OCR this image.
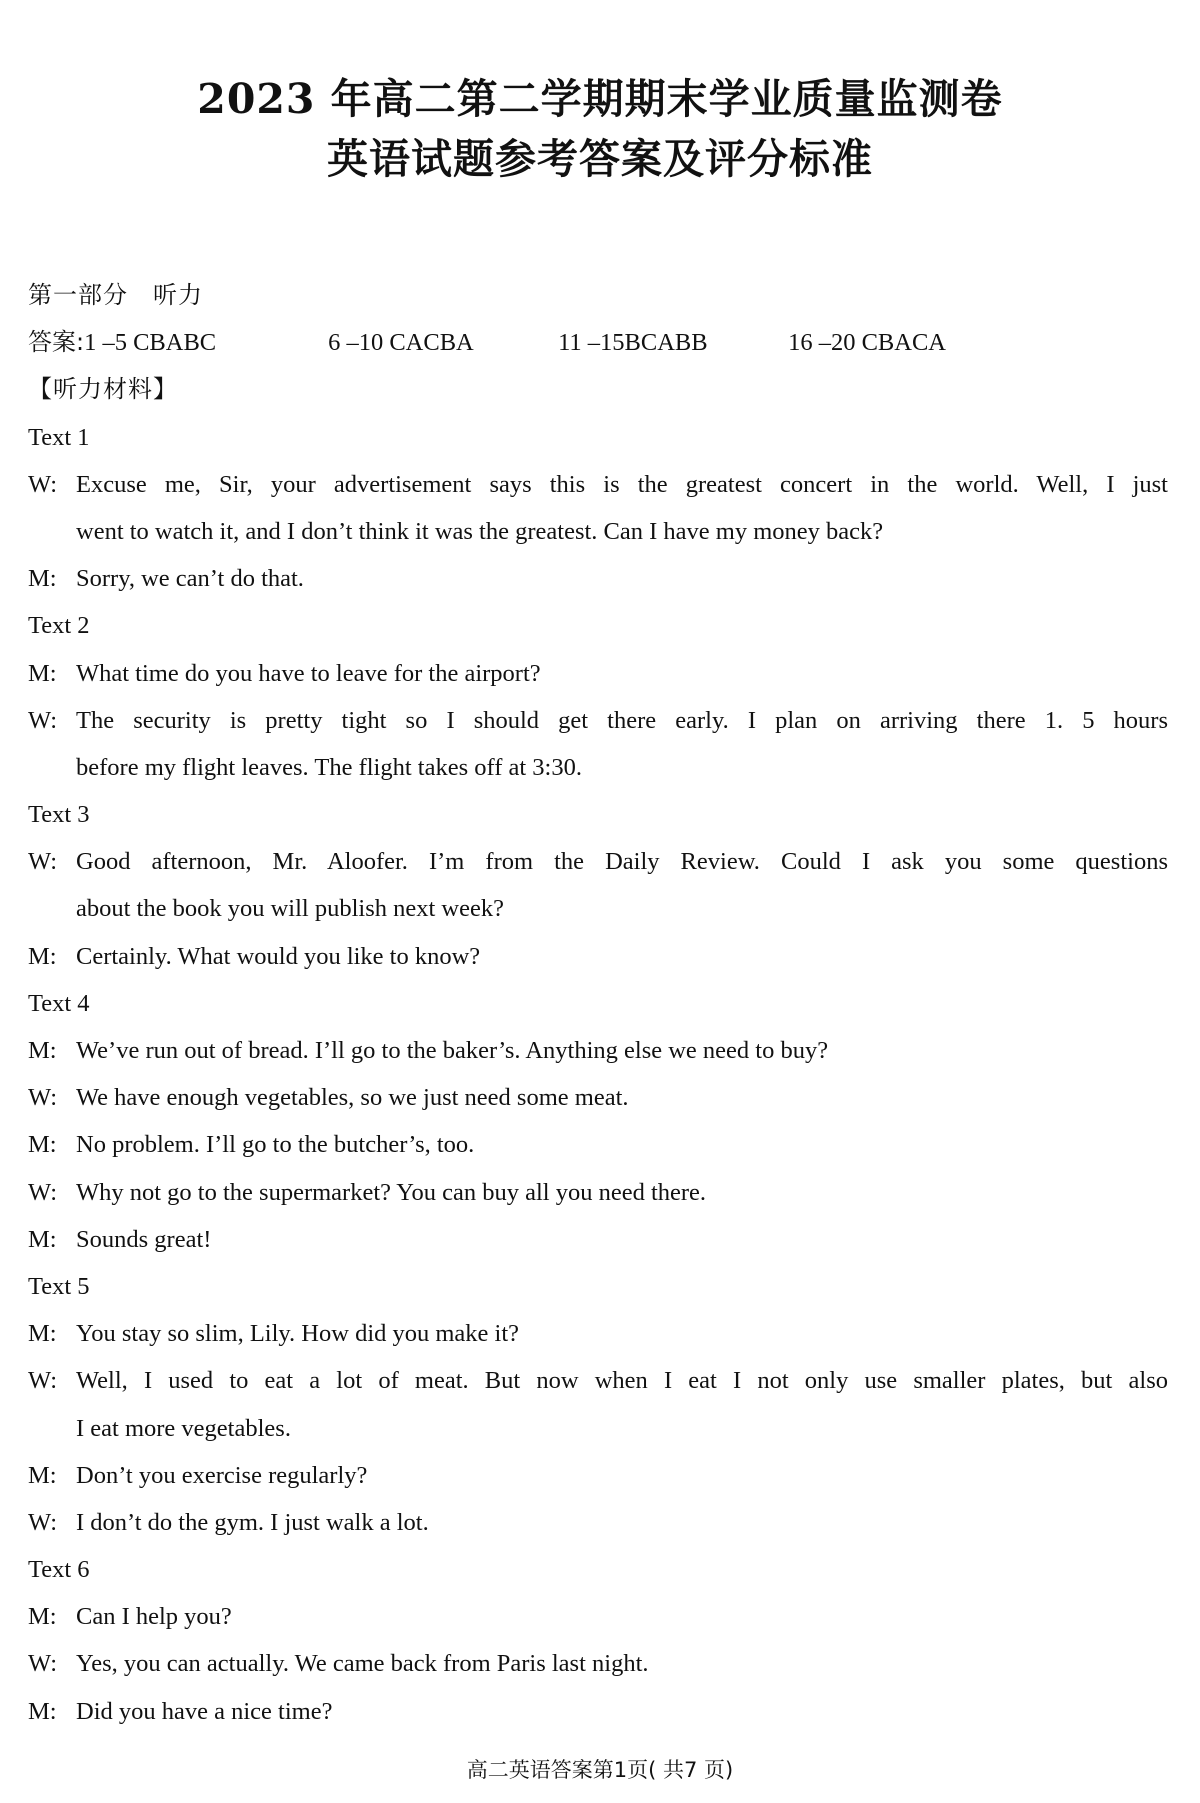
2023 年高二第二学期期末学业质量监测卷
英语试题参考答案及评分标准
第一部分　听力
答案:1 –5 CBABC	6 –10 CACBA	11 –15BCABB	16 –20 CBACA
【听力材料】
Text 1
W: Excuse me, Sir, your advertisement says this is the greatest concert in the world. Well, I just
went to watch it, and I don’t think it was the greatest. Can I have my money back?
M: Sorry, we can’t do that.
Text 2
M: What time do you have to leave for the airport?
W: The security is pretty tight so I should get there early. I plan on arriving there 1. 5 hours
before my flight leaves. The flight takes off at 3:30.
Text 3
W: Good afternoon, Mr. Aloofer. I’m from the Daily Review. Could I ask you some questions
about the book you will publish next week?
M: Certainly. What would you like to know?
Text 4
M: We’ve run out of bread. I’ll go to the baker’s. Anything else we need to buy?
W: We have enough vegetables, so we just need some meat.
M: No problem. I’ll go to the butcher’s, too.
W: Why not go to the supermarket? You can buy all you need there.
M: Sounds great!
Text 5
M: You stay so slim, Lily. How did you make it?
W: Well, I used to eat a lot of meat. But now when I eat I not only use smaller plates, but also
I eat more vegetables.
M: Don’t you exercise regularly?
W: I don’t do the gym. I just walk a lot.
Text 6
M: Can I help you?
W: Yes, you can actually. We came back from Paris last night.
M: Did you have a nice time?
高二英语答案第1页( 共7 页)
